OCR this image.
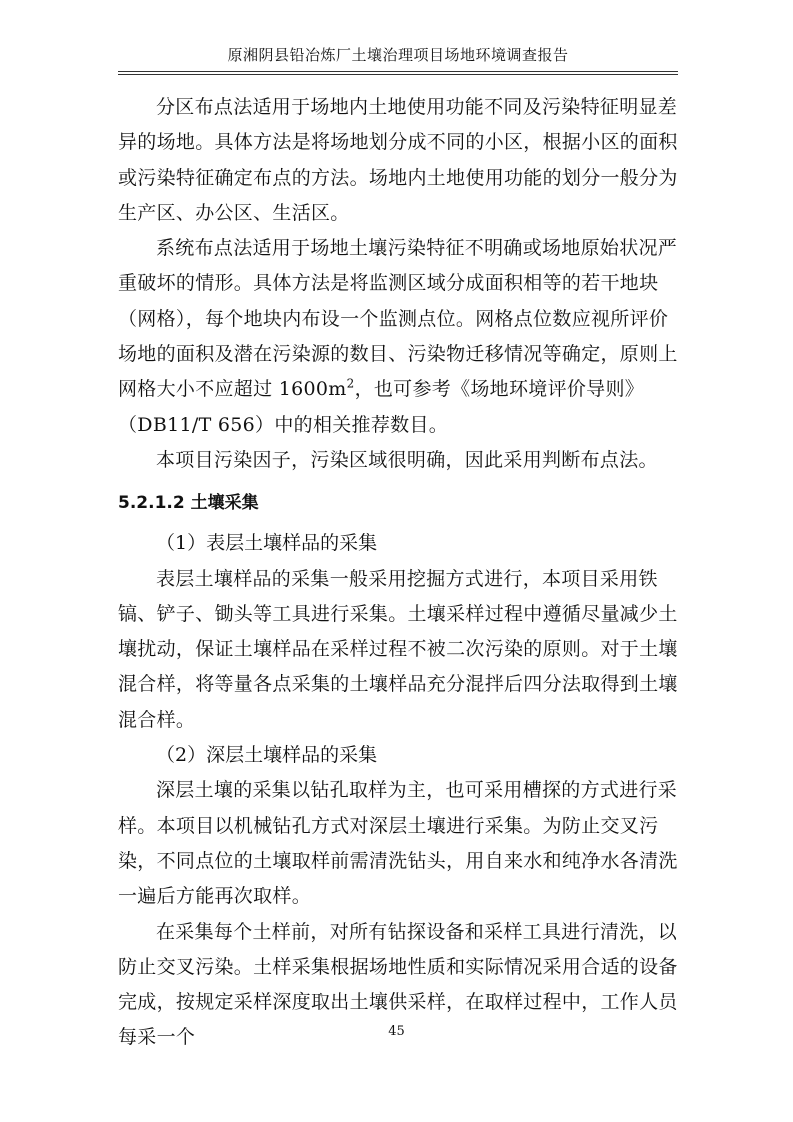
原湘阴县铅冶炼厂土壤治理项目场地环境调查报告

分区布点法适用于场地内土地使用功能不同及污染特征明显差异的场地。具体方法是将场地划分成不同的小区，根据小区的面积或污染特征确定布点的方法。场地内土地使用功能的划分一般分为生产区、办公区、生活区。

系统布点法适用于场地土壤污染特征不明确或场地原始状况严重破坏的情形。具体方法是将监测区域分成面积相等的若干地块（网格），每个地块内布设一个监测点位。网格点位数应视所评价场地的面积及潜在污染源的数目、污染物迁移情况等确定，原则上网格大小不应超过 $1600m^2$，也可参考《场地环境评价导则》（DB11/T 656）中的相关推荐数目。

本项目污染因子，污染区域很明确，因此采用判断布点法。

5.2.1.2 土壤采集

（1）表层土壤样品的采集

表层土壤样品的采集一般采用挖掘方式进行，本项目采用铁镐、铲子、锄头等工具进行采集。土壤采样过程中遵循尽量减少土壤扰动，保证土壤样品在采样过程不被二次污染的原则。对于土壤混合样，将等量各点采集的土壤样品充分混拌后四分法取得到土壤混合样。

（2）深层土壤样品的采集

深层土壤的采集以钻孔取样为主，也可采用槽探的方式进行采样。本项目以机械钻孔方式对深层土壤进行采集。为防止交叉污染，不同点位的土壤取样前需清洗钻头，用自来水和纯净水各清洗一遍后方能再次取样。

在采集每个土样前，对所有钻探设备和采样工具进行清洗，以防止交叉污染。土样采集根据场地性质和实际情况采用合适的设备完成，按规定采样深度取出土壤供采样，在取样过程中，工作人员每采一个	45
